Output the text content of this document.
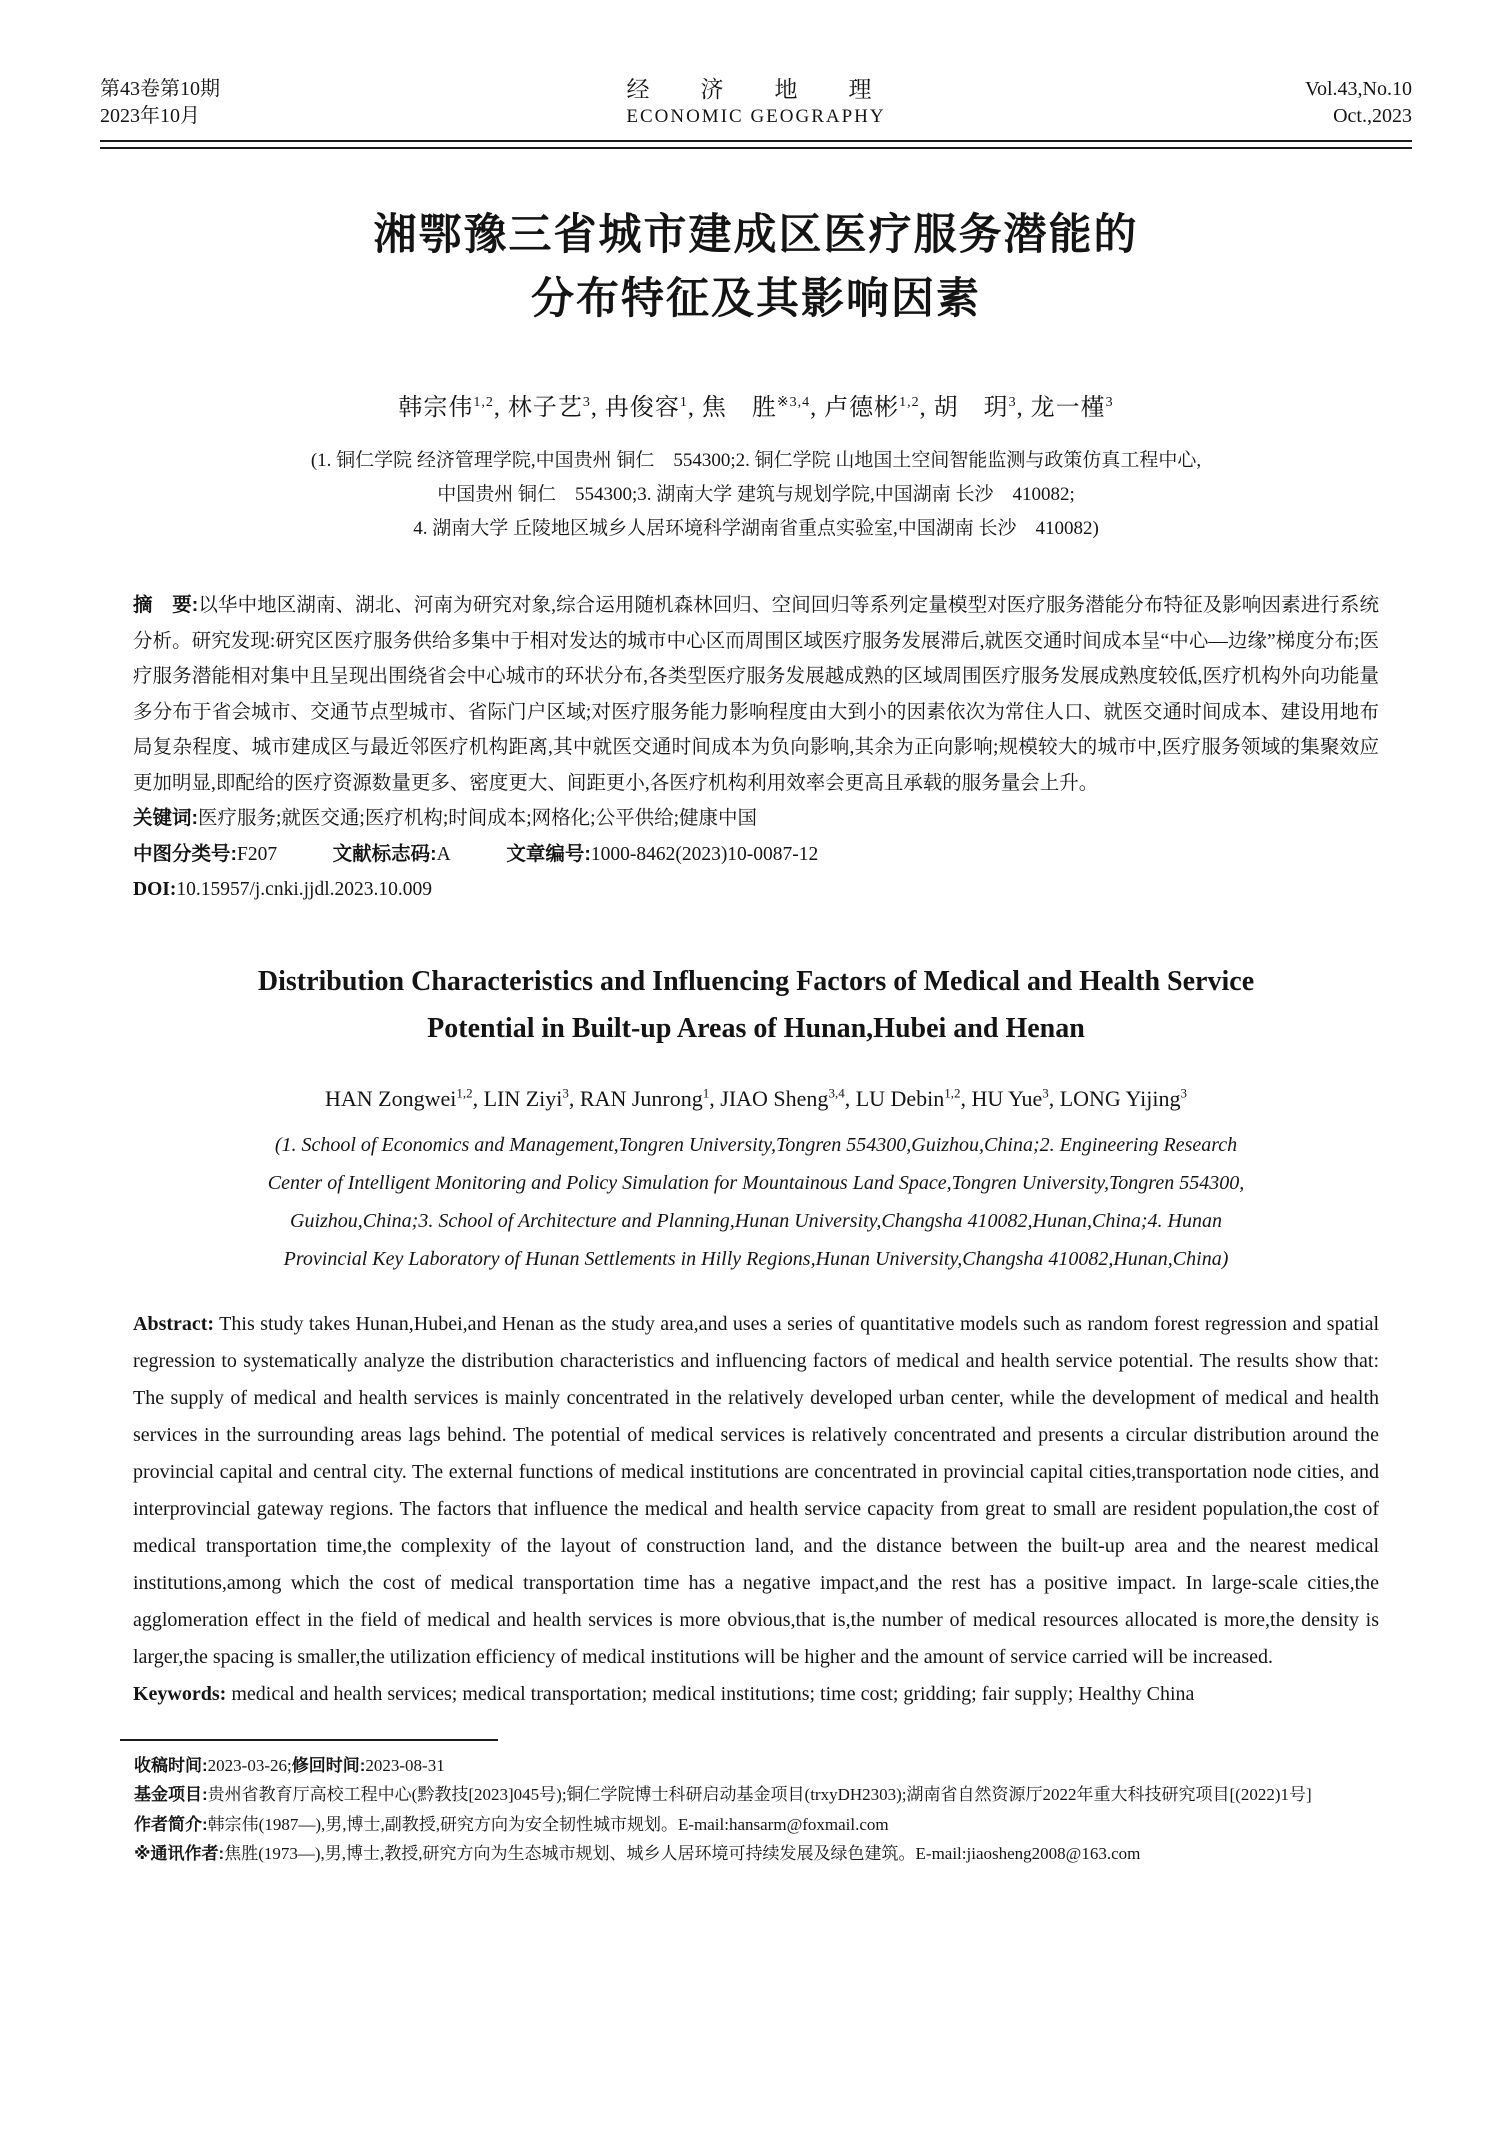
第43卷第10期
2023年10月
经　济　地　理
ECONOMIC GEOGRAPHY
Vol.43,No.10
Oct.,2023
湘鄂豫三省城市建成区医疗服务潜能的
分布特征及其影响因素
韩宗伟$^{1,2}$, 林子艺$^3$, 冉俊容$^1$, 焦　胜$^{※3,4}$, 卢德彬$^{1,2}$, 胡　玥$^3$, 龙一槿$^3$
(1. 铜仁学院 经济管理学院,中国贵州 铜仁　554300;2. 铜仁学院 山地国土空间智能监测与政策仿真工程中心,
中国贵州 铜仁　554300;3. 湖南大学 建筑与规划学院,中国湖南 长沙　410082;
4. 湖南大学 丘陵地区城乡人居环境科学湖南省重点实验室,中国湖南 长沙　410082)

摘　要:以华中地区湖南、湖北、河南为研究对象,综合运用随机森林回归、空间回归等系列定量模型对医疗服务潜能分布特征及影响因素进行系统分析。研究发现:研究区医疗服务供给多集中于相对发达的城市中心区而周围区域医疗服务发展滞后,就医交通时间成本呈“中心—边缘”梯度分布;医疗服务潜能相对集中且呈现出围绕省会中心城市的环状分布,各类型医疗服务发展越成熟的区域周围医疗服务发展成熟度较低,医疗机构外向功能量多分布于省会城市、交通节点型城市、省际门户区域;对医疗服务能力影响程度由大到小的因素依次为常住人口、就医交通时间成本、建设用地布局复杂程度、城市建成区与最近邻医疗机构距离,其中就医交通时间成本为负向影响,其余为正向影响;规模较大的城市中,医疗服务领域的集聚效应更加明显,即配给的医疗资源数量更多、密度更大、间距更小,各医疗机构利用效率会更高且承载的服务量会上升。

关键词:医疗服务;就医交通;医疗机构;时间成本;网格化;公平供给;健康中国

中图分类号:F207	文献标志码:A	文章编号:1000-8462(2023)10-0087-12

DOI:10.15957/j.cnki.jjdl.2023.10.009

Distribution Characteristics and Influencing Factors of Medical and Health Service
Potential in Built-up Areas of Hunan,Hubei and Henan
HAN Zongwei$^{1,2}$, LIN Ziyi$^3$, RAN Junrong$^1$, JIAO Sheng$^{3,4}$, LU Debin$^{1,2}$, HU Yue$^3$, LONG Yijing$^3$
(1. School of Economics and Management,Tongren University,Tongren 554300,Guizhou,China;2. Engineering Research
Center of Intelligent Monitoring and Policy Simulation for Mountainous Land Space,Tongren University,Tongren 554300,
Guizhou,China;3. School of Architecture and Planning,Hunan University,Changsha 410082,Hunan,China;4. Hunan
Provincial Key Laboratory of Hunan Settlements in Hilly Regions,Hunan University,Changsha 410082,Hunan,China)

Abstract: This study takes Hunan,Hubei,and Henan as the study area,and uses a series of quantitative models such as random forest regression and spatial regression to systematically analyze the distribution characteristics and influencing factors of medical and health service potential. The results show that: The supply of medical and health services is mainly concentrated in the relatively developed urban center, while the development of medical and health services in the surrounding areas lags behind. The potential of medical services is relatively concentrated and presents a circular distribution around the provincial capital and central city. The external functions of medical institutions are concentrated in provincial capital cities,transportation node cities, and interprovincial gateway regions. The factors that influence the medical and health service capacity from great to small are resident population,the cost of medical transportation time,the complexity of the layout of construction land, and the distance between the built-up area and the nearest medical institutions,among which the cost of medical transportation time has a negative impact,and the rest has a positive impact. In large-scale cities,the agglomeration effect in the field of medical and health services is more obvious,that is,the number of medical resources allocated is more,the density is larger,the spacing is smaller,the utilization efficiency of medical institutions will be higher and the amount of service carried will be increased.

Keywords: medical and health services; medical transportation; medical institutions; time cost; gridding; fair supply; Healthy China

收稿时间:2023-03-26;修回时间:2023-08-31

基金项目:贵州省教育厅高校工程中心(黔教技[2023]045号);铜仁学院博士科研启动基金项目(trxyDH2303);湖南省自然资源厅2022年重大科技研究项目[(2022)1号]

作者简介:韩宗伟(1987—),男,博士,副教授,研究方向为安全韧性城市规划。E-mail:hansarm@foxmail.com

※通讯作者:焦胜(1973—),男,博士,教授,研究方向为生态城市规划、城乡人居环境可持续发展及绿色建筑。E-mail:jiaosheng2008@163.com
